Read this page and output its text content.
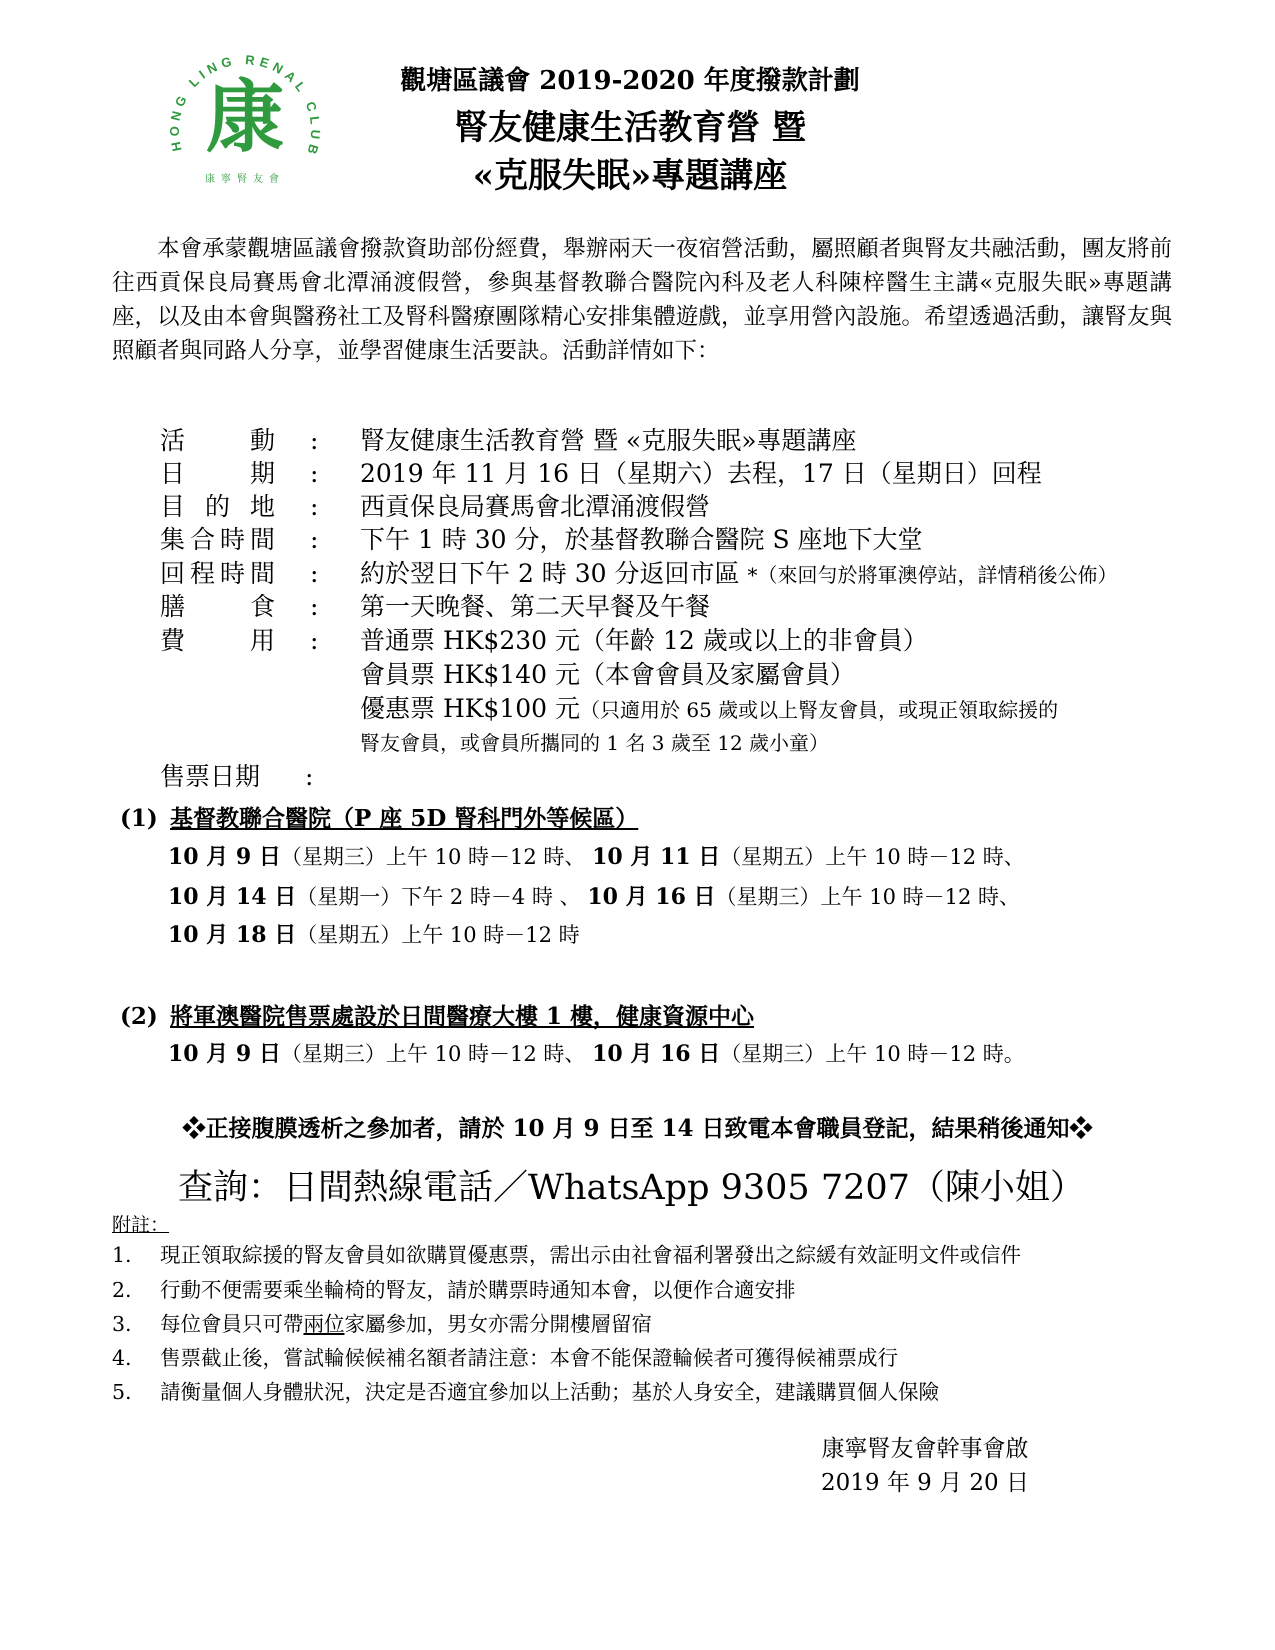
HONG LING RENAL CLUB
康
康寧腎友會
觀塘區議會 2019-2020 年度撥款計劃
腎友健康生活教育營 暨
«克服失眠»專題講座

本會承蒙觀塘區議會撥款資助部份經費，舉辦兩天一夜宿營活動，屬照顧者與腎友共融活動，團友將前往西貢保良局賽馬會北潭涌渡假營，參與基督教聯合醫院內科及老人科陳梓醫生主講«克服失眠»專題講座，以及由本會與醫務社工及腎科醫療團隊精心安排集體遊戲，並享用營內設施。希望透過活動，讓腎友與照顧者與同路人分享，並學習健康生活要訣。活動詳情如下：

活動 : 腎友健康生活教育營 暨 «克服失眠»專題講座
日期 : 2019 年 11 月 16 日（星期六）去程，17 日（星期日）回程
目的地 : 西貢保良局賽馬會北潭涌渡假營
集合時間 : 下午 1 時 30 分，於基督教聯合醫院 S 座地下大堂
回程時間 : 約於翌日下午 2 時 30 分返回市區 *（來回勻於將軍澳停站，詳情稍後公佈）
膳食 : 第一天晚餐、第二天早餐及午餐
費用 : 普通票 HK$230 元（年齡 12 歲或以上的非會員）
會員票 HK$140 元（本會會員及家屬會員）
優惠票 HK$100 元（只適用於 65 歲或以上腎友會員，或現正領取綜援的
腎友會員，或會員所攜同的 1 名 3 歲至 12 歲小童）
售票日期 :
(1) 基督教聯合醫院（P 座 5D 腎科門外等候區）
10 月 9 日（星期三）上午 10 時－12 時、 10 月 11 日（星期五）上午 10 時－12 時、
10 月 14 日（星期一）下午 2 時－4 時 、 10 月 16 日（星期三）上午 10 時－12 時、
10 月 18 日（星期五）上午 10 時－12 時
(2) 將軍澳醫院售票處設於日間醫療大樓 1 樓，健康資源中心
10 月 9 日（星期三）上午 10 時－12 時、 10 月 16 日（星期三）上午 10 時－12 時。
❖正接腹膜透析之參加者，請於 10 月 9 日至 14 日致電本會職員登記，結果稍後通知❖
查詢：日間熱線電話／WhatsApp 9305 7207（陳小姐）
附註：
1. 現正領取綜援的腎友會員如欲購買優惠票，需出示由社會福利署發出之綜緩有效証明文件或信件
2. 行動不便需要乘坐輪椅的腎友，請於購票時通知本會，以便作合適安排
3. 每位會員只可帶兩位家屬參加，男女亦需分開樓層留宿
4. 售票截止後，嘗試輪候候補名額者請注意：本會不能保證輪候者可獲得候補票成行
5. 請衡量個人身體狀況，決定是否適宜參加以上活動；基於人身安全，建議購買個人保險
康寧腎友會幹事會啟
2019 年 9 月 20 日
